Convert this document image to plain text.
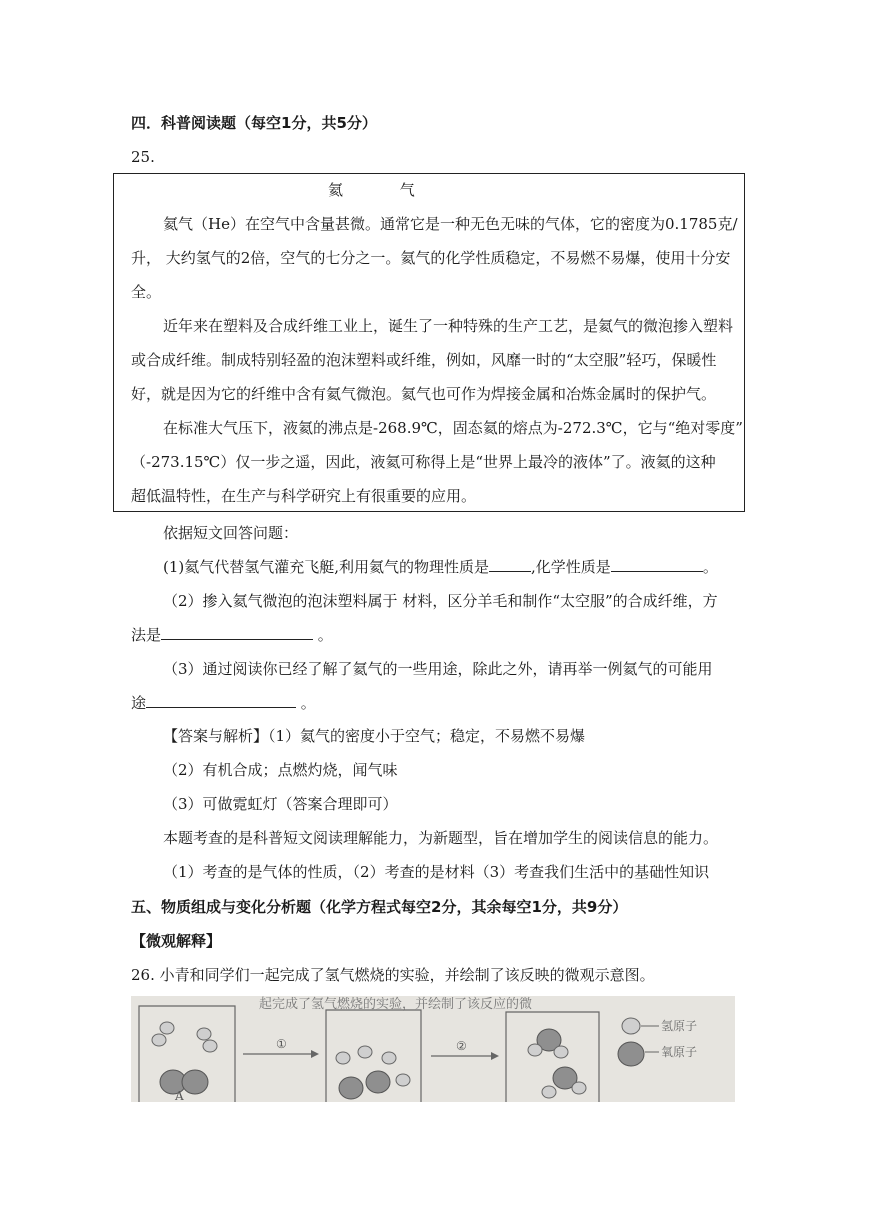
四．科普阅读题（每空1分，共5分）
25.
氦 气
氦气（He）在空气中含量甚微。通常它是一种无色无味的气体，它的密度为0.1785克/
升， 大约氢气的2倍，空气的七分之一。氦气的化学性质稳定，不易燃不易爆，使用十分安
全。
近年来在塑料及合成纤维工业上，诞生了一种特殊的生产工艺，是氦气的微泡掺入塑料
或合成纤维。制成特别轻盈的泡沫塑料或纤维，例如，风靡一时的“太空服”轻巧，保暖性
好，就是因为它的纤维中含有氦气微泡。氦气也可作为焊接金属和冶炼金属时的保护气。
在标准大气压下，液氦的沸点是-268.9℃，固态氦的熔点为-272.3℃，它与“绝对零度”
（-273.15℃）仅一步之遥，因此，液氦可称得上是“世界上最冷的液体”了。液氦的这种
超低温特性，在生产与科学研究上有很重要的应用。
依据短文回答问题：
(1)氦气代替氢气灌充飞艇,利用氦气的物理性质是	,化学性质是	。
（2）掺入氦气微泡的泡沫塑料属于 材料，区分羊毛和制作“太空服”的合成纤维，方
法是	。
（3）通过阅读你已经了解了氦气的一些用途，除此之外，请再举一例氦气的可能用
途	。
【答案与解析】（1）氦气的密度小于空气；稳定，不易燃不易爆
（2）有机合成；点燃灼烧，闻气味
（3）可做霓虹灯（答案合理即可）
本题考查的是科普短文阅读理解能力，为新题型，旨在增加学生的阅读信息的能力。
（1）考查的是气体的性质，（2）考查的是材料（3）考查我们生活中的基础性知识
五、物质组成与变化分析题（化学方程式每空2分，其余每空1分，共9分）
【微观解释】
26. 小青和同学们一起完成了氢气燃烧的实验，并绘制了该反映的微观示意图。
起完成了氢气燃烧的实验，并绘制了该反应的微
A
①	②
氢原子
氧原子
